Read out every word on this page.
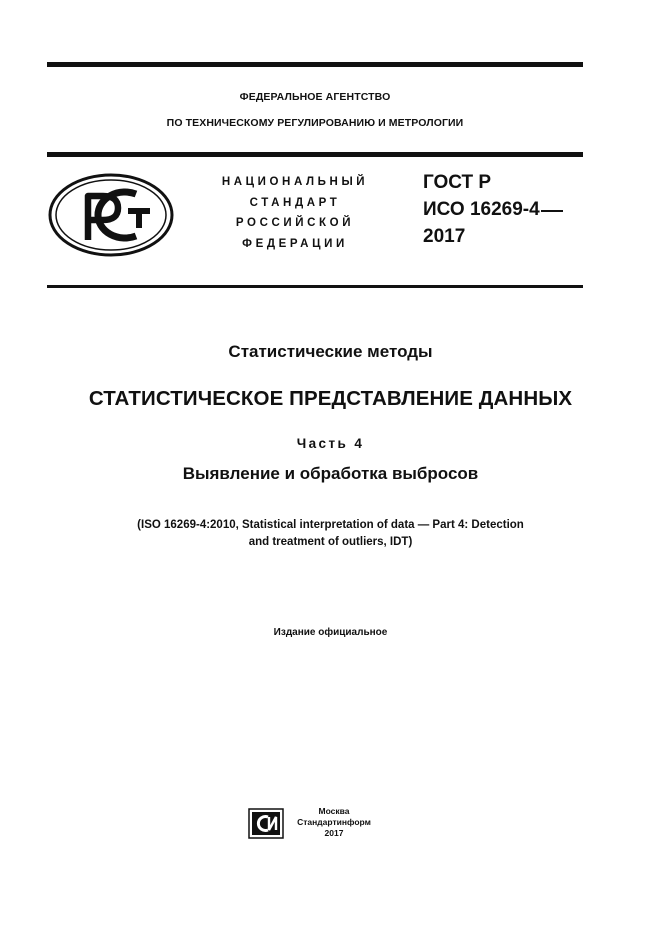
ФЕДЕРАЛЬНОЕ АГЕНТСТВО
ПО ТЕХНИЧЕСКОМУ РЕГУЛИРОВАНИЮ И МЕТРОЛОГИИ
НАЦИОНАЛЬНЫЙ
СТАНДАРТ
РОССИЙСКОЙ
ФЕДЕРАЦИИ
ГОСТ Р
ИСО 16269-4
2017
Статистические методы
СТАТИСТИЧЕСКОЕ ПРЕДСТАВЛЕНИЕ ДАННЫХ
Часть 4
Выявление и обработка выбросов
(ISO 16269-4:2010, Statistical interpretation of data — Part 4: Detection
and treatment of outliers, IDT)
Издание официальное
Москва
Стандартинформ
2017
